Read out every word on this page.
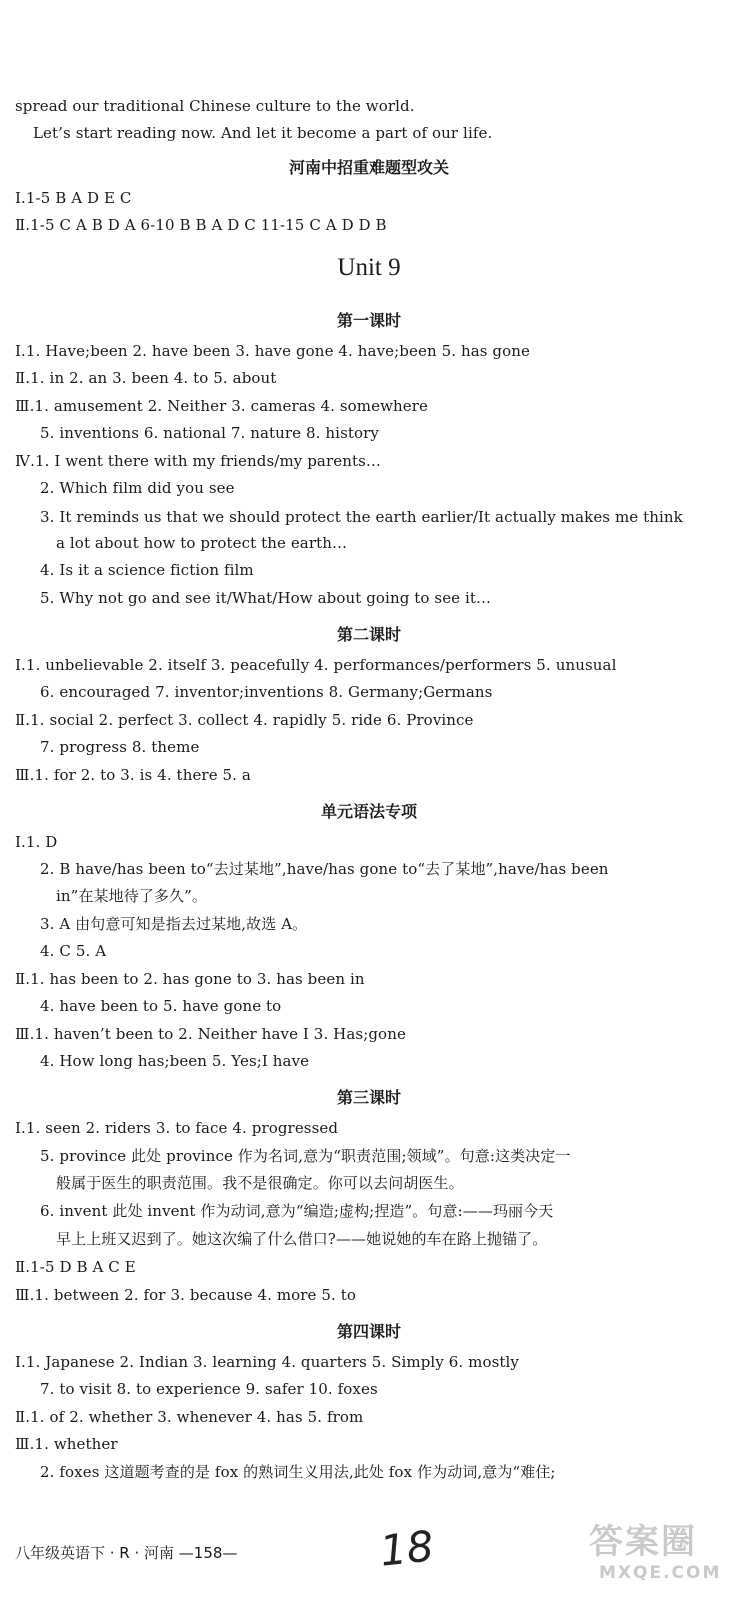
spread our traditional Chinese culture to the world.
Let’s start reading now. And let it become a part of our life.
Ⅰ.1-5 B A D E C
Ⅱ.1-5 C A B D A 6-10 B B A D C 11-15 C A D D B
Ⅰ.1. Have;been 2. have been 3. have gone 4. have;been 5. has gone
Ⅱ.1. in 2. an 3. been 4. to 5. about
Ⅲ.1. amusement 2. Neither 3. cameras 4. somewhere
5. inventions 6. national 7. nature 8. history
Ⅳ.1. I went there with my friends/my parents…
2. Which film did you see
3. It reminds us that we should protect the earth earlier/It actually makes me think
a lot about how to protect the earth…
4. Is it a science fiction film
5. Why not go and see it/What/How about going to see it…
Ⅰ.1. unbelievable 2. itself 3. peacefully 4. performances/performers 5. unusual
6. encouraged 7. inventor;inventions 8. Germany;Germans
Ⅱ.1. social 2. perfect 3. collect 4. rapidly 5. ride 6. Province
7. progress 8. theme
Ⅲ.1. for 2. to 3. is 4. there 5. a
Ⅰ.1. D
2. B have/has been to“去过某地”,have/has gone to“去了某地”,have/has been
in”在某地待了多久”。
3. A 由句意可知是指去过某地,故选 A。
4. C 5. A
Ⅱ.1. has been to 2. has gone to 3. has been in
4. have been to 5. have gone to
Ⅲ.1. haven’t been to 2. Neither have I 3. Has;gone
4. How long has;been 5. Yes;I have
Ⅰ.1. seen 2. riders 3. to face 4. progressed
5. province 此处 province 作为名词,意为“职责范围;领域”。句意:这类决定一
般属于医生的职责范围。我不是很确定。你可以去问胡医生。
6. invent 此处 invent 作为动词,意为“编造;虚构;捏造”。句意:——玛丽今天
早上上班又迟到了。她这次编了什么借口?——她说她的车在路上抛锚了。
Ⅱ.1-5 D B A C E
Ⅲ.1. between 2. for 3. because 4. more 5. to
Ⅰ.1. Japanese 2. Indian 3. learning 4. quarters 5. Simply 6. mostly
7. to visit 8. to experience 9. safer 10. foxes
Ⅱ.1. of 2. whether 3. whenever 4. has 5. from
Ⅲ.1. whether
2. foxes 这道题考查的是 fox 的熟词生义用法,此处 fox 作为动词,意为“难住;
河南中招重难题型攻关
第一课时
第二课时
单元语法专项
第三课时
第四课时
Unit 9
八年级英语下 · R · 河南 —158—	18	答案圈
MXQE.COM
